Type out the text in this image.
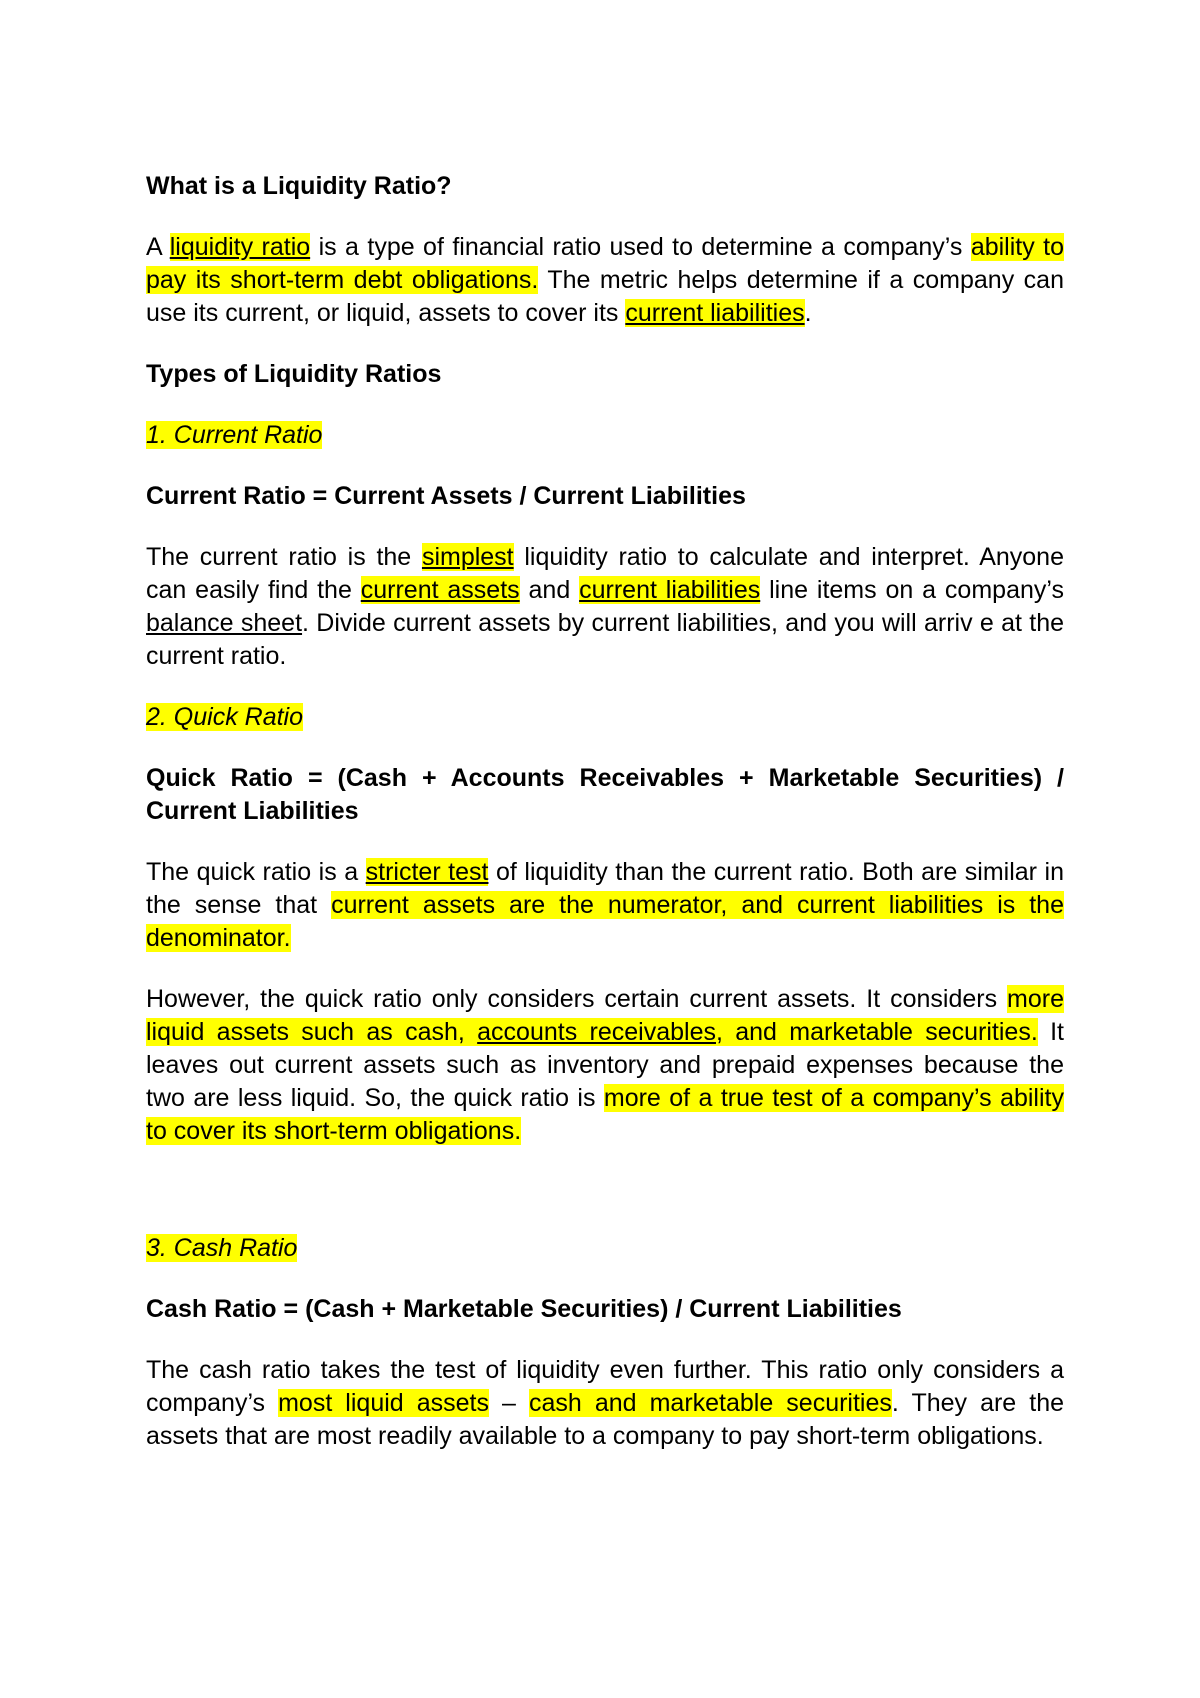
What is a Liquidity Ratio?

A liquidity ratio is a type of financial ratio used to determine a company’s ability to pay its short-term debt obligations. The metric helps determine if a company can use its current, or liquid, assets to cover its current liabilities.

Types of Liquidity Ratios

1. Current Ratio

Current Ratio = Current Assets / Current Liabilities

The current ratio is the simplest liquidity ratio to calculate and interpret. Anyone can easily find the current assets and current liabilities line items on a company’s balance sheet. Divide current assets by current liabilities, and you will arriv e at the current ratio.

2. Quick Ratio

Quick Ratio = (Cash + Accounts Receivables + Marketable Securities) / Current Liabilities

The quick ratio is a stricter test of liquidity than the current ratio. Both are similar in the sense that current assets are the numerator, and current liabilities is the denominator.

However, the quick ratio only considers certain current assets. It considers more liquid assets such as cash, accounts receivables, and marketable securities. It leaves out current assets such as inventory and prepaid expenses because the two are less liquid. So, the quick ratio is more of a true test of a company’s ability to cover its short-term obligations.

3. Cash Ratio

Cash Ratio = (Cash + Marketable Securities) / Current Liabilities

The cash ratio takes the test of liquidity even further. This ratio only considers a company’s most liquid assets – cash and marketable securities. They are the assets that are most readily available to a company to pay short-term obligations.
